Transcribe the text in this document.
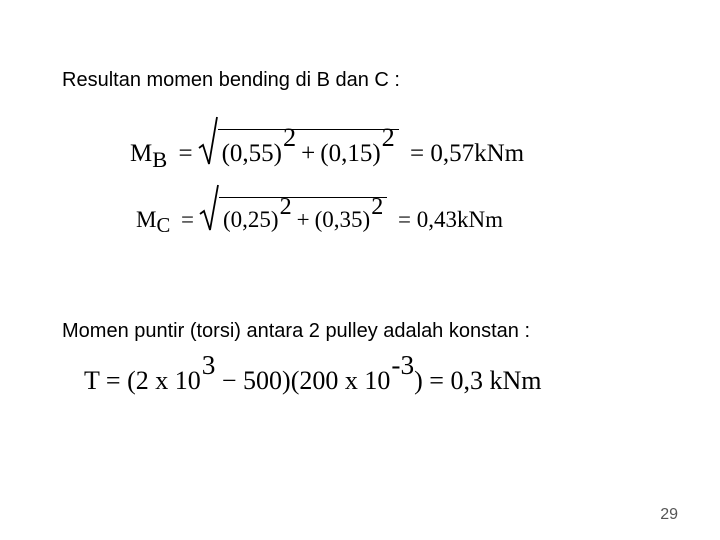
Resultan momen bending di B dan C :
MB = (0,55)2+ (0,15)2 = 0,57kNm
MC = (0,25)2 + (0,35)2 = 0,43kNm
Momen puntir (torsi) antara 2 pulley adalah konstan :
T = (2 x 103 − 500)(200 x 10-3) = 0,3 kNm
29
